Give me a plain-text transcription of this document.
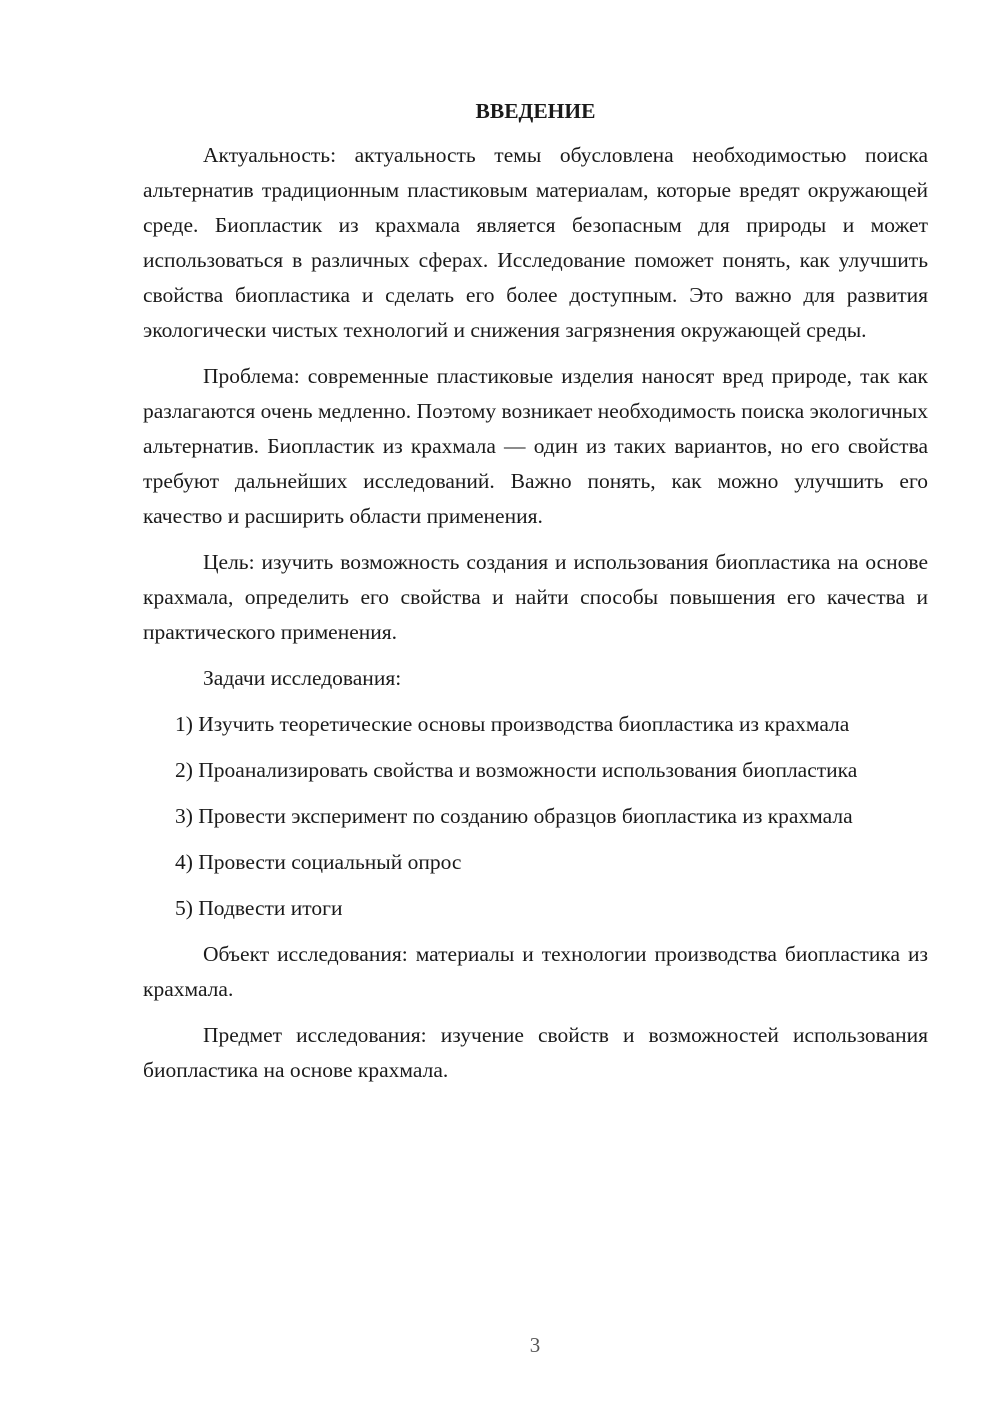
ВВЕДЕНИЕ

Актуальность: актуальность темы обусловлена необходимостью поиска альтернатив традиционным пластиковым материалам, которые вредят окружающей среде. Биопластик из крахмала является безопасным для природы и может использоваться в различных сферах. Исследование поможет понять, как улучшить свойства биопластика и сделать его более доступным. Это важно для развития экологически чистых технологий и снижения загрязнения окружающей среды.

Проблема: современные пластиковые изделия наносят вред природе, так как разлагаются очень медленно. Поэтому возникает необходимость поиска экологичных альтернатив. Биопластик из крахмала — один из таких вариантов, но его свойства требуют дальнейших исследований. Важно понять, как можно улучшить его качество и расширить области применения.

Цель: изучить возможность создания и использования биопластика на основе крахмала, определить его свойства и найти способы повышения его качества и практического применения.

Задачи исследования:

1) Изучить теоретические основы производства биопластика из крахмала

2) Проанализировать свойства и возможности использования биопластика

3) Провести эксперимент по созданию образцов биопластика из крахмала

4) Провести социальный опрос

5) Подвести итоги

Объект исследования: материалы и технологии производства биопластика из крахмала.

Предмет исследования: изучение свойств и возможностей использования биопластика на основе крахмала.

3
